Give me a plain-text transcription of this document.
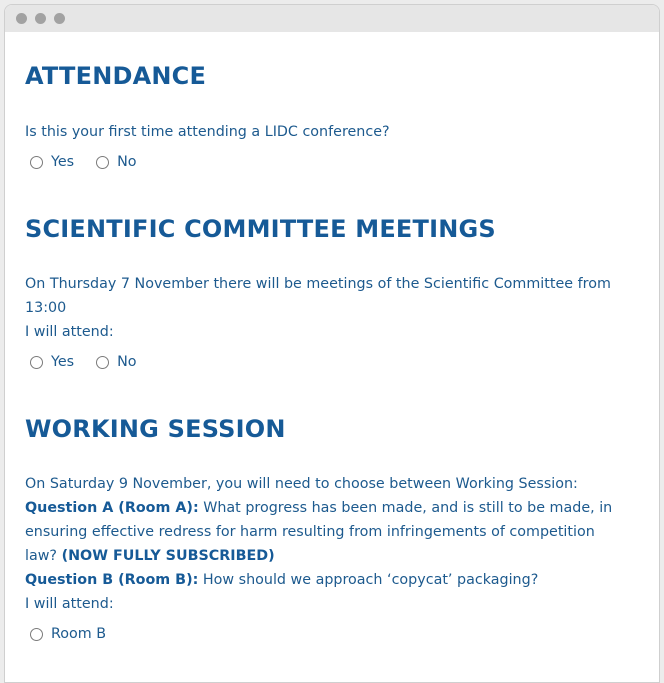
ATTENDANCE

Is this your first time attending a LIDC conference?

Yes	No
SCIENTIFIC COMMITTEE MEETINGS

On Thursday 7 November there will be meetings of the Scientific Committee from

13:00

I will attend:

Yes	No
WORKING SESSION

On Saturday 9 November, you will need to choose between Working Session:

Question A (Room A): What progress has been made, and is still to be made, in

ensuring effective redress for harm resulting from infringements of competition

law? (NOW FULLY SUBSCRIBED)

Question B (Room B): How should we approach ‘copycat’ packaging?

I will attend:

Room B
